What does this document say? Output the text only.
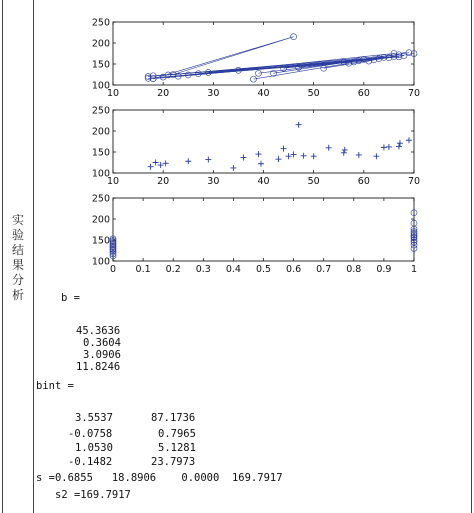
实
验
结
果
分
析
10	20	30	40	50	60	70
100
150
200
250
10	20	30	40	50	60	70
100
150
200
250
0 0.1 0.2 0.3 0.4 0.5 0.6 0.7 0.8 0.9 1
100
150
200
250
b =
45.3636
0.3604
3.0906
11.8246
bint =
3.5537	87.1736
-0.0758	0.7965
1.0530	5.1281
-0.1482	23.7973
s =0.6855   18.8906    0.0000  169.7917
s2 =169.7917
